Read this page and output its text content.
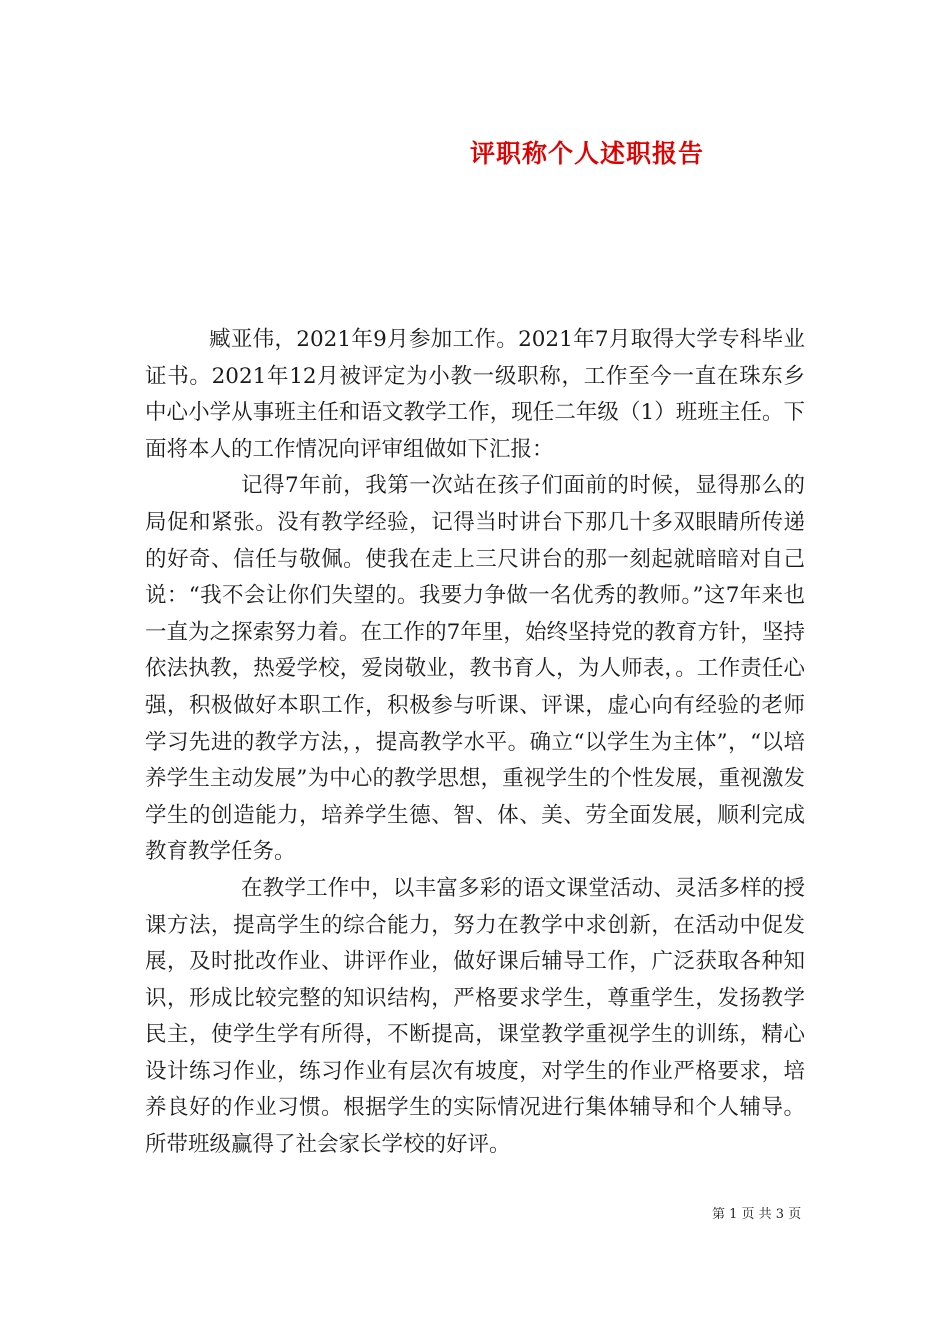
评职称个人述职报告

臧亚伟，2021年9月参加工作。2021年7月取得大学专科毕业证书。2021年12月被评定为小教一级职称，工作至今一直在珠东乡中心小学从事班主任和语文教学工作，现任二年级（1）班班主任。下面将本人的工作情况向评审组做如下汇报：

记得7年前，我第一次站在孩子们面前的时候，显得那么的局促和紧张。没有教学经验，记得当时讲台下那几十多双眼睛所传递的好奇、信任与敬佩。使我在走上三尺讲台的那一刻起就暗暗对自己说：“我不会让你们失望的。我要力争做一名优秀的教师。”这7年来也一直为之探索努力着。在工作的7年里，始终坚持党的教育方针，坚持依法执教，热爱学校，爱岗敬业，教书育人，为人师表，。工作责任心强，积极做好本职工作，积极参与听课、评课，虚心向有经验的老师学习先进的教学方法，，提高教学水平。确立“以学生为主体”，“以培养学生主动发展”为中心的教学思想，重视学生的个性发展，重视激发学生的创造能力，培养学生德、智、体、美、劳全面发展，顺利完成教育教学任务。

在教学工作中，以丰富多彩的语文课堂活动、灵活多样的授课方法，提高学生的综合能力，努力在教学中求创新，在活动中促发展，及时批改作业、讲评作业，做好课后辅导工作，广泛获取各种知识，形成比较完整的知识结构，严格要求学生，尊重学生，发扬教学民主，使学生学有所得，不断提高，课堂教学重视学生的训练，精心设计练习作业，练习作业有层次有坡度，对学生的作业严格要求，培养良好的作业习惯。根据学生的实际情况进行集体辅导和个人辅导。所带班级赢得了社会家长学校的好评。

第 1 页 共 3 页
